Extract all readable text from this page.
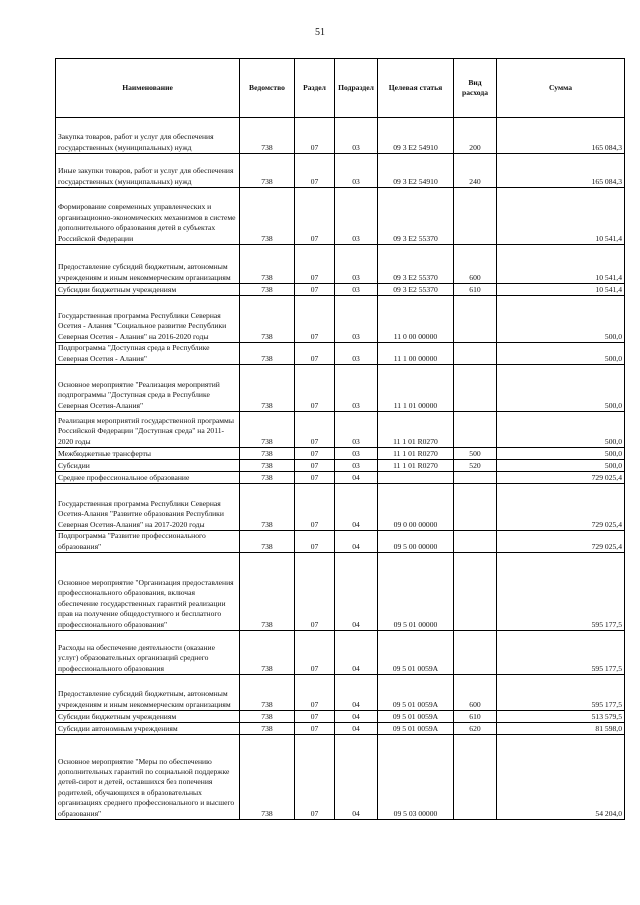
51
Наименование	Ведомство	Раздел	Подраздел	Целевая статья	Вид расхода	Сумма
Закупка товаров, работ и услуг для обеспечения государственных (муниципальных) нужд	738	07	03	09 3 E2 54910	200	165 084,3
Иные закупки товаров, работ и услуг для обеспечения государственных (муниципальных) нужд	738	07	03	09 3 E2 54910	240	165 084,3
Формирование современных управленческих и организационно-экономических механизмов в системе дополнительного образования детей в субъектах Российской Федерации	738	07	03	09 3 E2 55370		10 541,4
Предоставление субсидий бюджетным, автономным учреждениям и иным некоммерческим организациям	738	07	03	09 3 E2 55370	600	10 541,4
Субсидии бюджетным учреждениям	738	07	03	09 3 E2 55370	610	10 541,4
Государственная программа Республики Северная Осетия - Алания "Социальное развитие Республики Северная Осетия - Алания" на 2016-2020 годы	738	07	03	11 0 00 00000		500,0
Подпрограмма "Доступная среда в Республике Северная Осетия - Алания"	738	07	03	11 1 00 00000		500,0
Основное мероприятие "Реализация мероприятий подпрограммы "Доступная среда в Республике Северная Осетия-Алания"	738	07	03	11 1 01 00000		500,0
Реализация мероприятий государственной программы Российской Федерации "Доступная среда" на 2011-2020 годы	738	07	03	11 1 01 R0270		500,0
Межбюджетные трансферты	738	07	03	11 1 01 R0270	500	500,0
Субсидии	738	07	03	11 1 01 R0270	520	500,0
Среднее профессиональное образование	738	07	04			729 025,4
Государственная программа Республики Северная Осетия-Алания "Развитие образования Республики Северная Осетия-Алания" на 2017-2020 годы	738	07	04	09 0 00 00000		729 025,4
Подпрограмма "Развитие профессионального образования"	738	07	04	09 5 00 00000		729 025,4
Основное мероприятие "Организация предоставления профессионального образования, включая обеспечение государственных гарантий реализации прав на получение общедоступного и бесплатного профессионального образования"	738	07	04	09 5 01 00000		595 177,5
Расходы на обеспечение деятельности (оказание услуг) образовательных организаций среднего профессионального образования	738	07	04	09 5 01 0059A		595 177,5
Предоставление субсидий бюджетным, автономным учреждениям и иным некоммерческим организациям	738	07	04	09 5 01 0059A	600	595 177,5
Субсидии бюджетным учреждениям	738	07	04	09 5 01 0059A	610	513 579,5
Субсидии автономным учреждениям	738	07	04	09 5 01 0059A	620	81 598,0
Основное мероприятие "Меры по обеспечению дополнительных гарантий по социальной поддержке детей-сирот и детей, оставшихся без попечения родителей, обучающихся в образовательных организациях среднего профессионального и высшего образования"	738	07	04	09 5 03 00000		54 204,0
